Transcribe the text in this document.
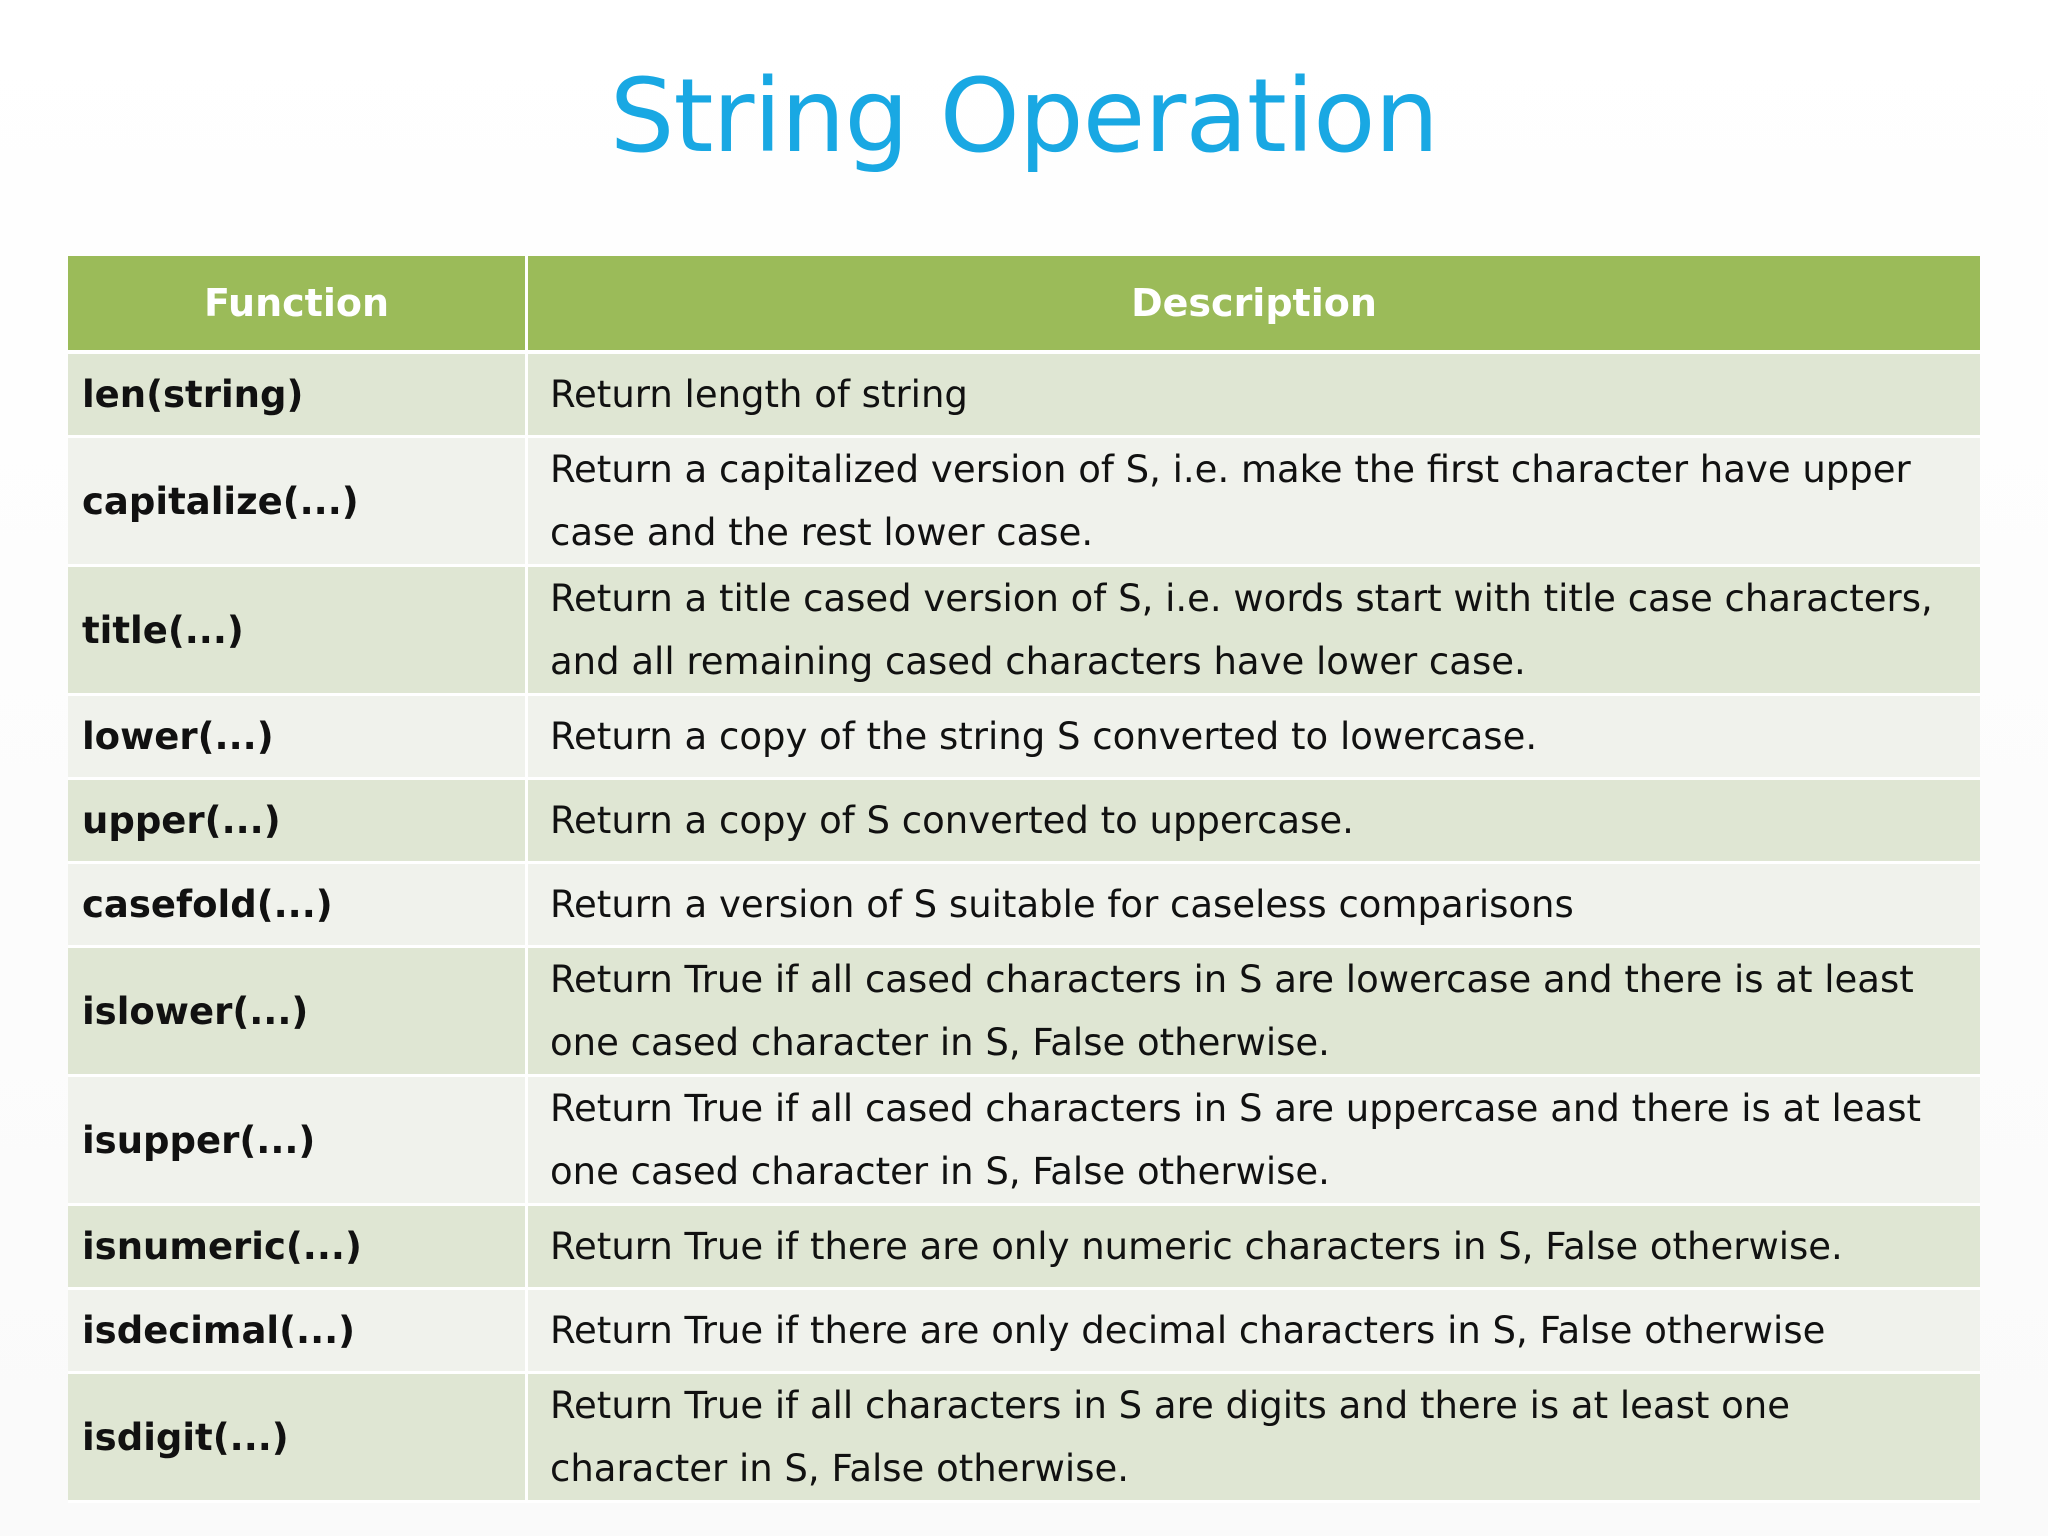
String Operation
Function	Description
len(string)	Return length of string
capitalize(...)	Return a capitalized version of S, i.e. make the first character have upper case and the rest lower case.
title(...)	Return a title cased version of S, i.e. words start with title case characters, and all remaining cased characters have lower case.
lower(...)	Return a copy of the string S converted to lowercase.
upper(...)	Return a copy of S converted to uppercase.
casefold(...)	Return a version of S suitable for caseless comparisons
islower(...)	Return True if all cased characters in S are lowercase and there is at least one cased character in S, False otherwise.
isupper(...)	Return True if all cased characters in S are uppercase and there is at least one cased character in S, False otherwise.
isnumeric(...)	Return True if there are only numeric characters in S, False otherwise.
isdecimal(...)	Return True if there are only decimal characters in S, False otherwise
isdigit(...)	Return True if all characters in S are digits and there is at least one character in S, False otherwise.
